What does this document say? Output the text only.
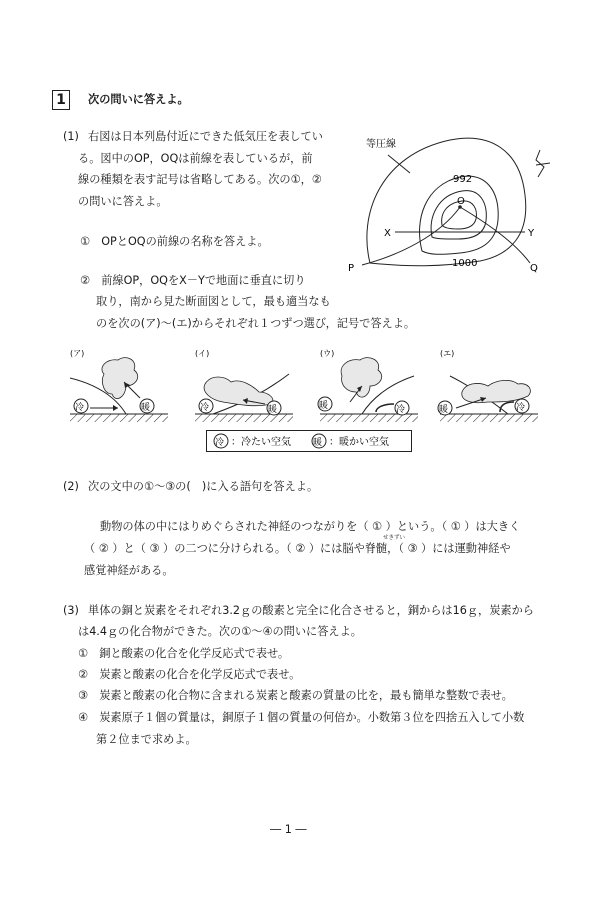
1 次の問いに答えよ。
(1) 右図は日本列島付近にできた低気圧を表してい
る。図中のOP，OQは前線を表しているが，前
線の種類を表す記号は省略してある。次の①，②
の問いに答えよ。
①　OPとOQの前線の名称を答えよ。
②　前線OP，OQをX－Yで地面に垂直に切り
取り，南から見た断面図として，最も適当なも
のを次の(ア)～(エ)からそれぞれ１つずつ選び，記号で答えよ。
等圧線
992
O
X	Y
P	Q
1000
(ア)
冷	暖
(イ)
冷	暖
(ウ)
暖	冷
(エ)
暖	冷
冷 ：冷たい空気 暖 ：暖かい空気
(2) 次の文中の①～③の(　)に入る語句を答えよ。
動物の体の中にはりめぐらされた神経のつながりを（ ① ）という。（ ① ）は大きく
せきずい
（ ② ）と（ ③ ）の二つに分けられる。（ ② ）には脳や脊髄，（ ③ ）には運動神経や
感覚神経がある。
(3) 単体の銅と炭素をそれぞれ3.2ｇの酸素と完全に化合させると，銅からは16ｇ，炭素から
は4.4ｇの化合物ができた。次の①～④の問いに答えよ。
①　銅と酸素の化合を化学反応式で表せ。
②　炭素と酸素の化合を化学反応式で表せ。
③　炭素と酸素の化合物に含まれる炭素と酸素の質量の比を，最も簡単な整数で表せ。
④　炭素原子１個の質量は，銅原子１個の質量の何倍か。小数第３位を四捨五入して小数
第２位まで求めよ。
― 1 ―
